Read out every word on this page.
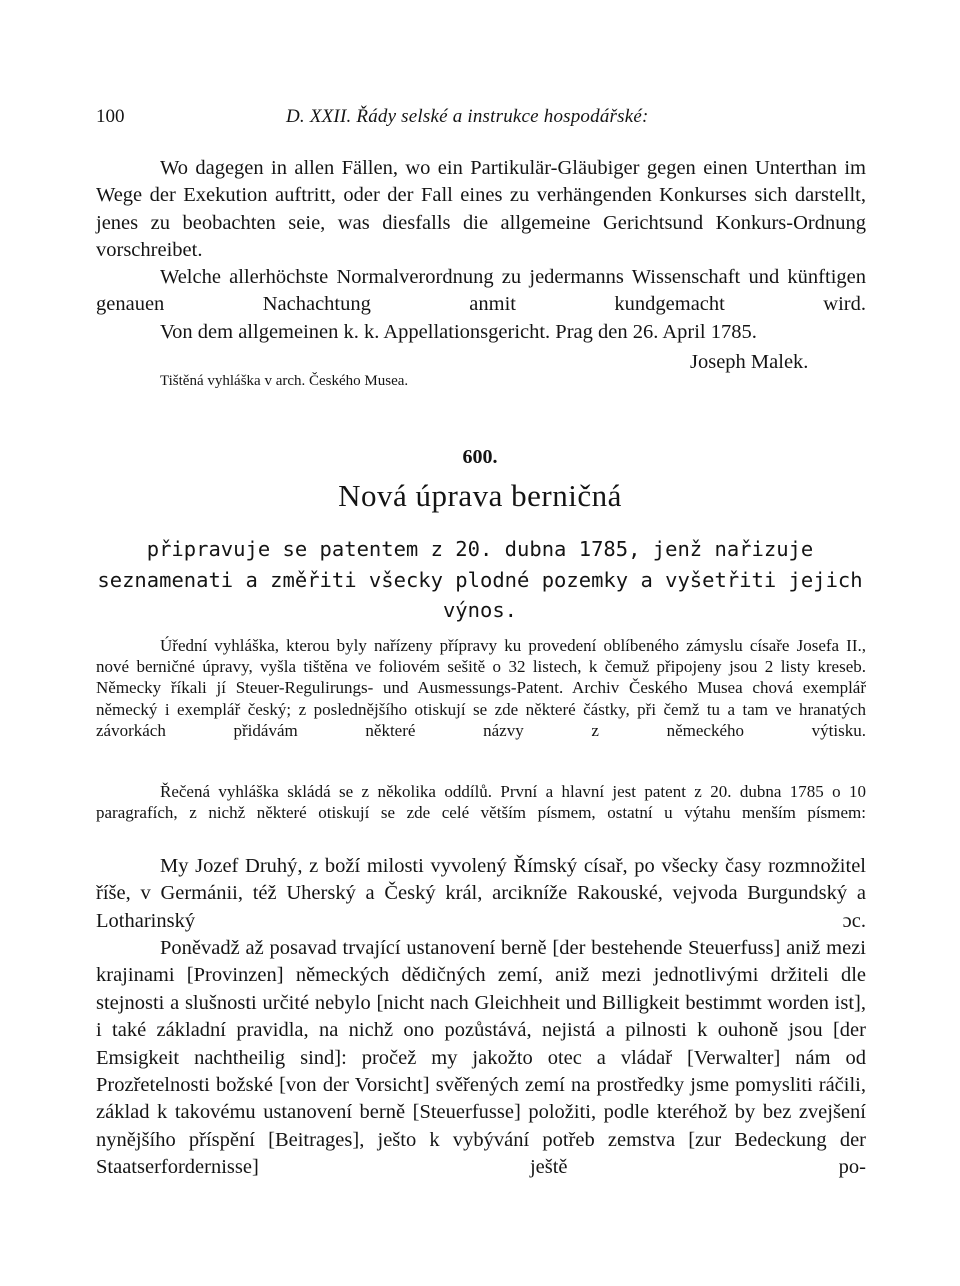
100	D. XXII. Řády selské a instrukce hospodářské:
Wo dagegen in allen Fällen, wo ein Partikulär-Gläubiger gegen einen Unterthan im Wege der Exekution auftritt, oder der Fall eines zu verhängenden Konkurses sich darstellt, jenes zu beobachten seie, was diesfalls die allgemeine Gerichtsund Konkurs-Ordnung vorschreibet.
Welche allerhöchste Normalverordnung zu jedermanns Wissenschaft und künftigen genauen Nachachtung anmit kundgemacht wird.
Von dem allgemeinen k. k. Appellationsgericht. Prag den 26. April 1785.
Joseph Malek.
Tištěná vyhláška v arch. Českého Musea.
600.
Nová úprava berničná
připravuje se patentem z 20. dubna 1785, jenž nařizuje seznamenati a změřiti všecky plodné pozemky a vyšetřiti jejich výnos.
Úřední vyhláška, kterou byly nařízeny přípravy ku provedení oblíbeného zámyslu císaře Josefa II., nové berničné úpravy, vyšla tištěna ve foliovém sešitě o 32 listech, k čemuž připojeny jsou 2 listy kreseb. Německy říkali jí Steuer-Regulirungs- und Ausmessungs-Patent. Archiv Českého Musea chová exemplář německý i exemplář český; z poslednějšího otiskují se zde některé částky, při čemž tu a tam ve hranatých závorkách přidávám některé názvy z německého výtisku.
Řečená vyhláška skládá se z několika oddílů. První a hlavní jest patent z 20. dubna 1785 o 10 paragrafích, z nichž některé otiskují se zde celé větším písmem, ostatní u výtahu menším písmem:
My Jozef Druhý, z boží milosti vyvolený Římský císař, po všecky časy rozmnožitel říše, v Germánii, též Uherský a Český král, arcikníže Rakouské, vejvoda Burgundský a Lotharinský ɔc.
Poněvadž až posavad trvající ustanovení berně [der bestehende Steuerfuss] aniž mezi krajinami [Provinzen] německých dědičných zemí, aniž mezi jednotlivými držiteli dle stejnosti a slušnosti určité nebylo [nicht nach Gleichheit und Billigkeit bestimmt worden ist], i také základní pravidla, na nichž ono pozůstává, nejistá a pilnosti k ouhoně jsou [der Emsigkeit nachtheilig sind]: pročež my jakožto otec a vládař [Verwalter] nám od Prozřetelnosti božské [von der Vorsicht] svěřených zemí na prostředky jsme pomysliti ráčili, základ k takovému ustanovení berně [Steuerfusse] položiti, podle kteréhož by bez zvejšení nynějšího příspění [Beitrages], ješto k vybývání potřeb zemstva [zur Bedeckung der Staatserfordernisse] ještě po-
